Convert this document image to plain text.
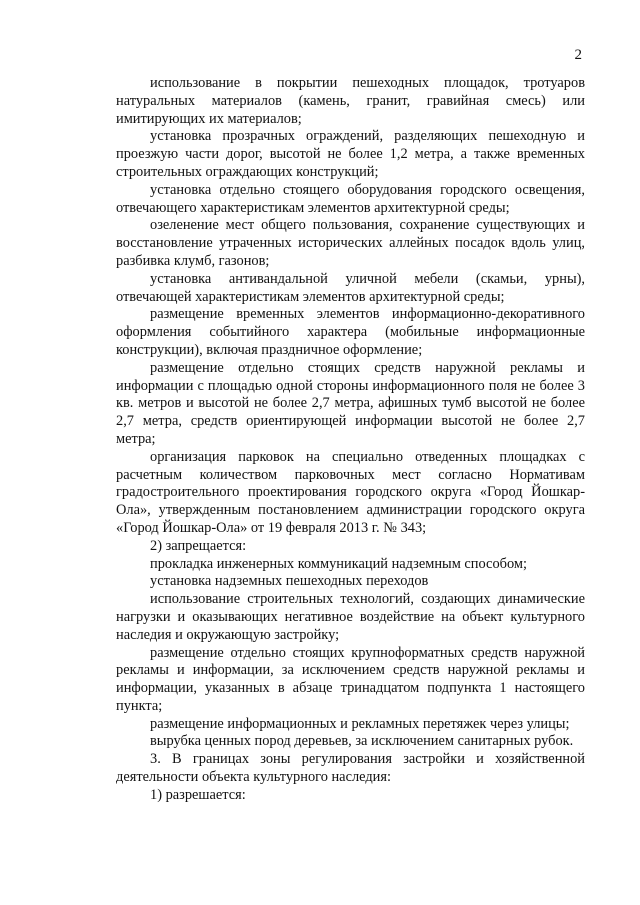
2

использование в покрытии пешеходных площадок, тротуаров натуральных материалов (камень, гранит, гравийная смесь) или имитирующих их материалов;

установка прозрачных ограждений, разделяющих пешеходную и проезжую части дорог, высотой не более 1,2 метра, а также временных строительных ограждающих конструкций;

установка отдельно стоящего оборудования городского освещения, отвечающего характеристикам элементов архитектурной среды;

озеленение мест общего пользования, сохранение существующих и восстановление утраченных исторических аллейных посадок вдоль улиц, разбивка клумб, газонов;

установка антивандальной уличной мебели (скамьи, урны), отвечающей характеристикам элементов архитектурной среды;

размещение временных элементов информационно-декоративного оформления событийного характера (мобильные информационные конструкции), включая праздничное оформление;

размещение отдельно стоящих средств наружной рекламы и информации с площадью одной стороны информационного поля не более 3 кв. метров и высотой не более 2,7 метра, афишных тумб высотой не более 2,7 метра, средств ориентирующей информации высотой не более 2,7 метра;

организация парковок на специально отведенных площадках с расчетным количеством парковочных мест согласно Нормативам градостроительного проектирования городского округа «Город Йошкар-Ола», утвержденным постановлением администрации городского округа «Город Йошкар-Ола» от 19 февраля 2013 г. № 343;

2) запрещается:

прокладка инженерных коммуникаций надземным способом;

установка надземных пешеходных переходов

использование строительных технологий, создающих динамические нагрузки и оказывающих негативное воздействие на объект культурного наследия и окружающую застройку;

размещение отдельно стоящих крупноформатных средств наружной рекламы и информации, за исключением средств наружной рекламы и информации, указанных в абзаце тринадцатом подпункта 1 настоящего пункта;

размещение информационных и рекламных перетяжек через улицы;

вырубка ценных пород деревьев, за исключением санитарных рубок.

3. В границах зоны регулирования застройки и хозяйственной деятельности объекта культурного наследия:

1) разрешается:
